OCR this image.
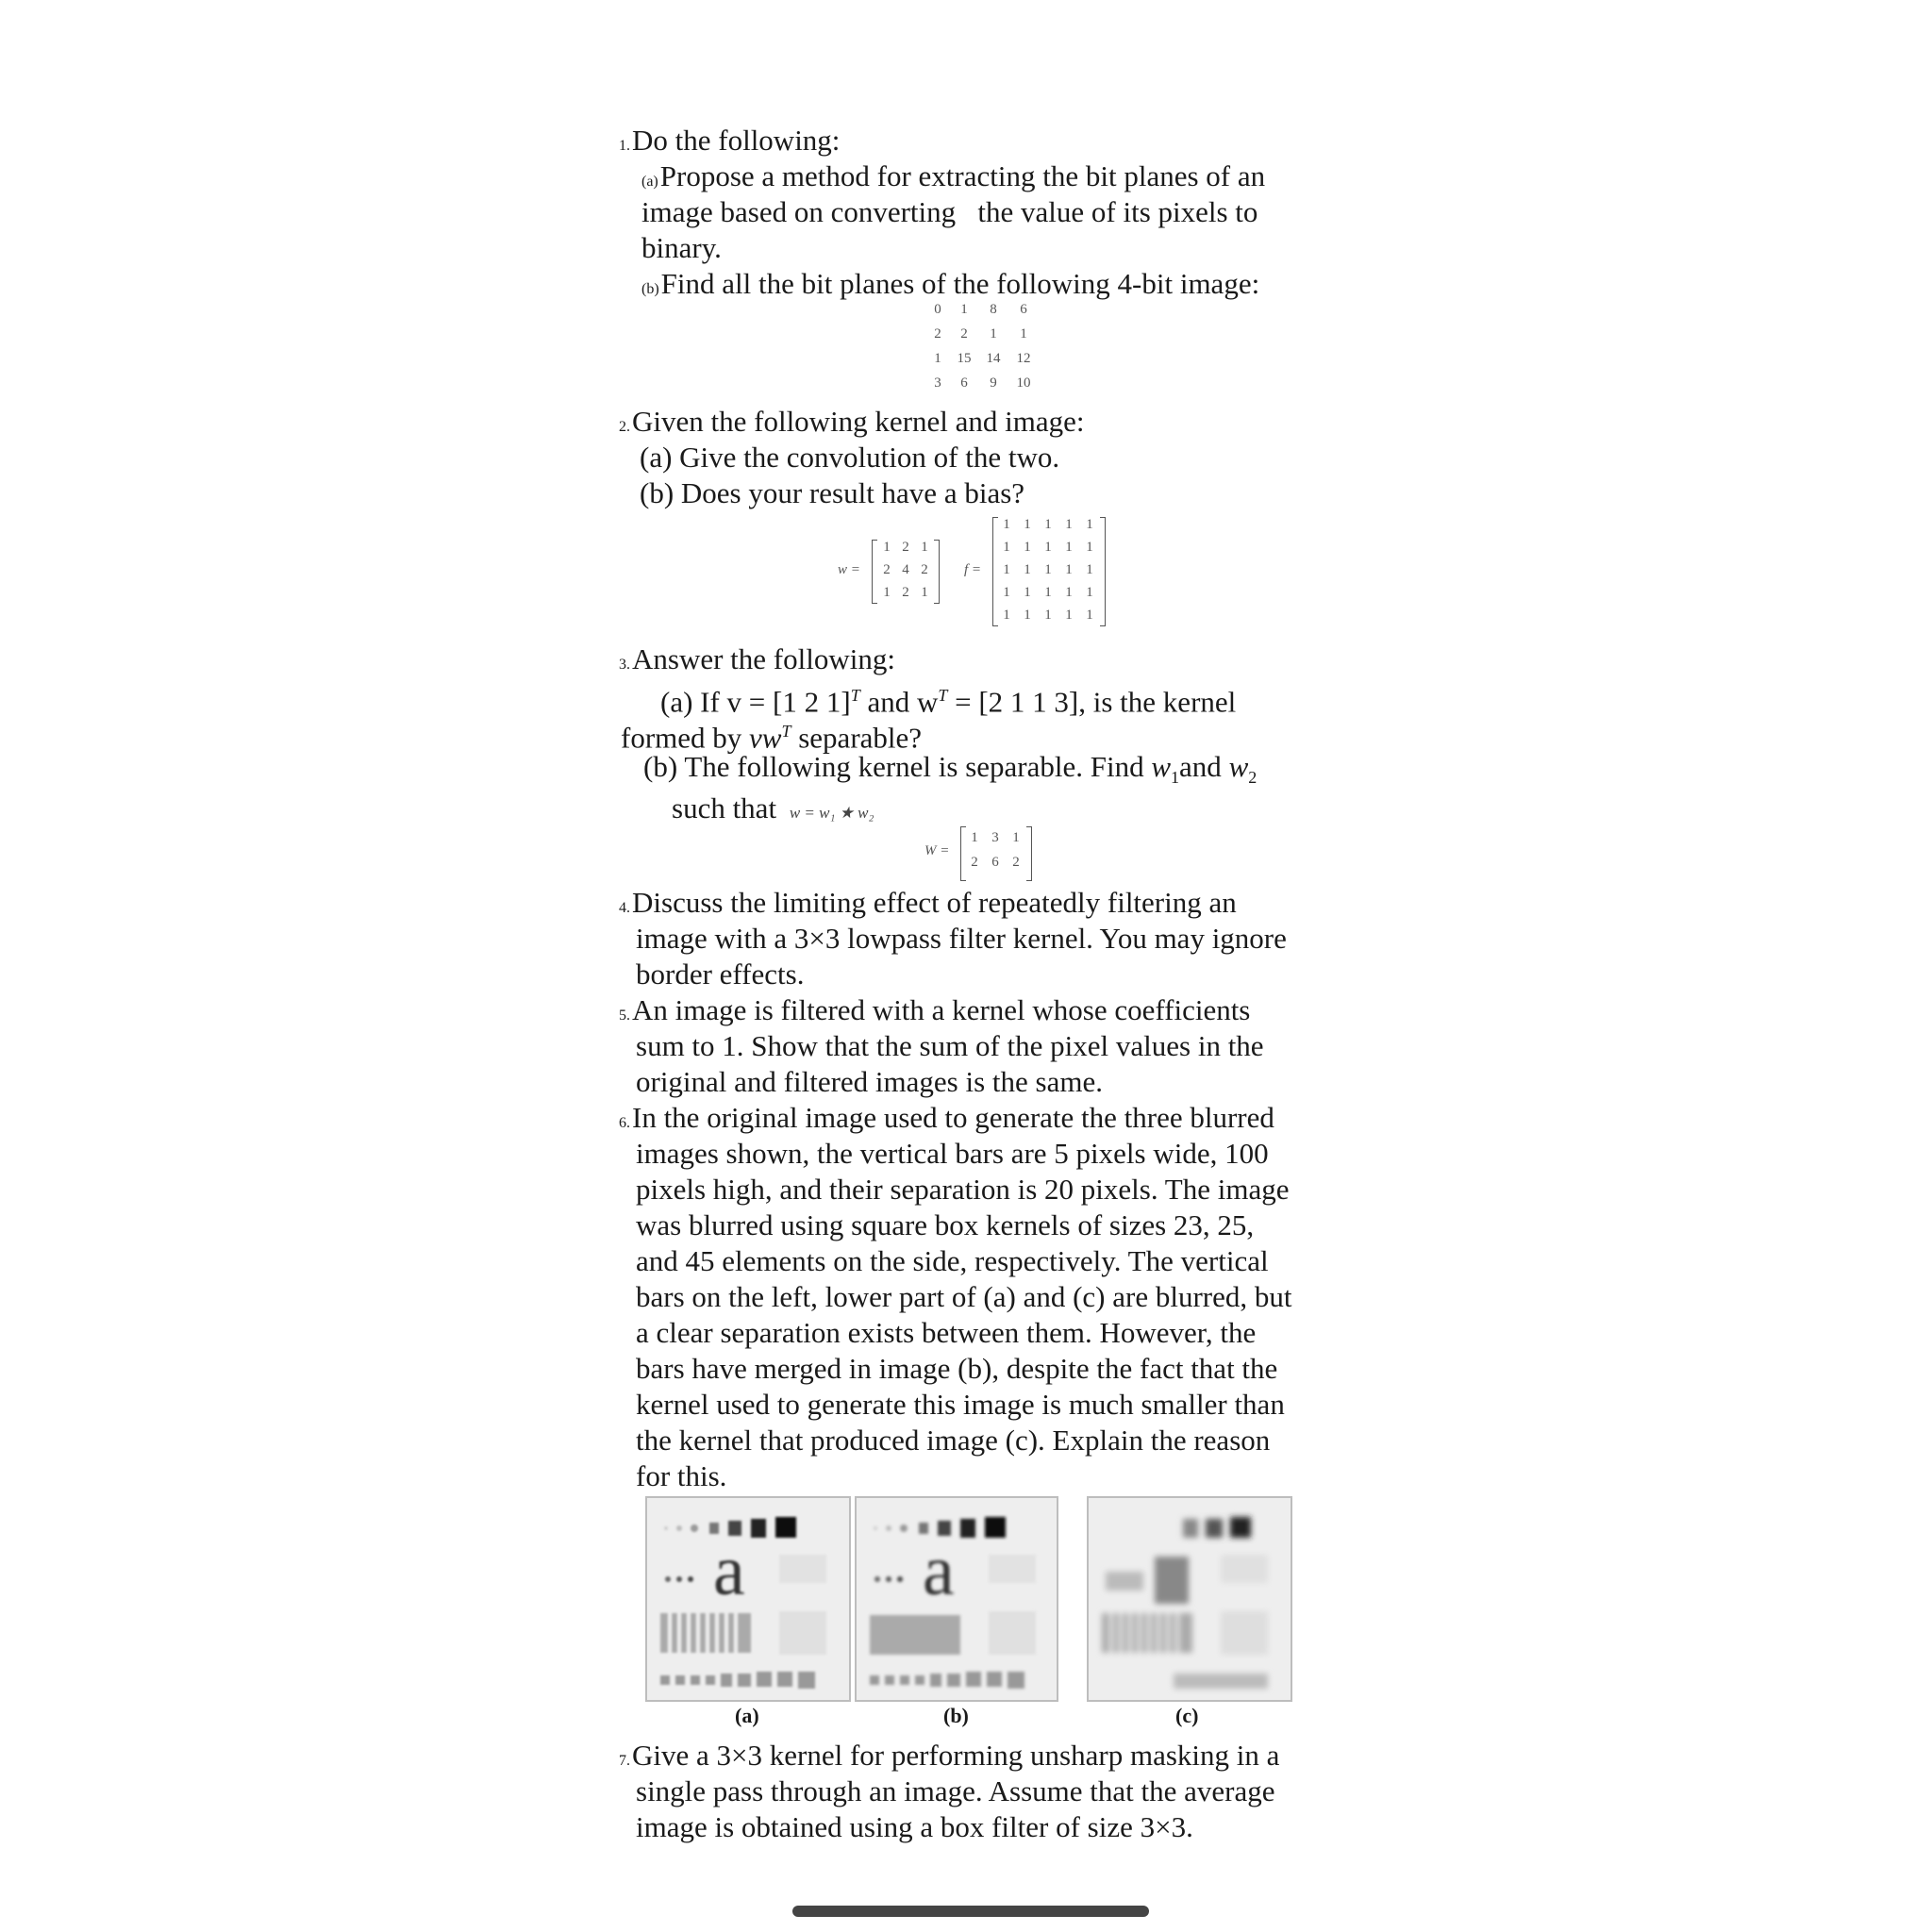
1.Do the following:
(a)Propose a method for extracting the bit planes of an
image based on converting   the value of its pixels to
binary.
(b)Find all the bit planes of the following 4-bit image:
0 1 8 6
2 2 1 1
1 15 14 12
3 6 9 10
2.Given the following kernel and image:
(a) Give the convolution of the two.
(b) Does your result have a bias?
w =
1 2 1
2 4 2
1 2 1
f =
1 1 1 1 1
1 1 1 1 1
1 1 1 1 1
1 1 1 1 1
1 1 1 1 1
3.Answer the following:
(a) If v = [1 2 1]$^T$ and $w^T = [2$ 1 1 3], is the kernel
formed by $vw^T$ separable?
(b) The following kernel is separable. Find $w_1and$ $w_2$
such that w = w₁ ★ w₂
W =
1 3 1
2 6 2
4.Discuss the limiting effect of repeatedly filtering an
image with a 3×3 lowpass filter kernel. You may ignore
border effects.
5.An image is filtered with a kernel whose coefficients
sum to 1. Show that the sum of the pixel values in the
original and filtered images is the same.
6.In the original image used to generate the three blurred
images shown, the vertical bars are 5 pixels wide, 100
pixels high, and their separation is 20 pixels. The image
was blurred using square box kernels of sizes 23, 25,
and 45 elements on the side, respectively. The vertical
bars on the left, lower part of (a) and (c) are blurred, but
a clear separation exists between them. However, the
bars have merged in image (b), despite the fact that the
kernel used to generate this image is much smaller than
the kernel that produced image (c). Explain the reason
for this.
a a
(a)	(b)	(c)
7.Give a 3×3 kernel for performing unsharp masking in a
single pass through an image. Assume that the average
image is obtained using a box filter of size 3×3.
